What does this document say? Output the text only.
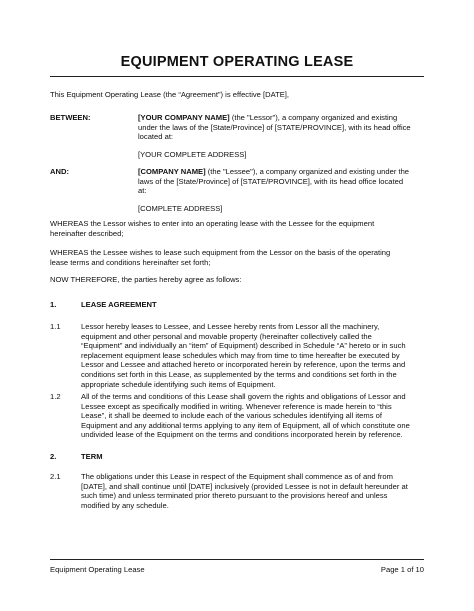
EQUIPMENT OPERATING LEASE
This Equipment Operating Lease (the “Agreement”) is effective [DATE],
BETWEEN:	[YOUR COMPANY NAME] (the "Lessor"), a company organized and existing
under the laws of the [State/Province] of [STATE/PROVINCE], with its head office
located at:
[YOUR COMPLETE ADDRESS]
AND:	[COMPANY NAME] (the "Lessee"), a company organized and existing under the
laws of the [State/Province] of [STATE/PROVINCE], with its head office located
at:
[COMPLETE ADDRESS]
WHEREAS the Lessor wishes to enter into an operating lease with the Lessee for the equipment
hereinafter described;
WHEREAS the Lessee wishes to lease such equipment from the Lessor on the basis of the operating
lease terms and conditions hereinafter set forth;
NOW THEREFORE, the parties hereby agree as follows:
1.	LEASE AGREEMENT
1.1	Lessor hereby leases to Lessee, and Lessee hereby rents from Lessor all the machinery,
equipment and other personal and movable property (hereinafter collectively called the
“Equipment” and individually an “item” of Equipment) described in Schedule “A” hereto or in such
replacement equipment lease schedules which may from time to time hereafter be executed by
Lessor and Lessee and attached hereto or incorporated herein by reference, upon the terms and
conditions set forth in this Lease, as supplemented by the terms and conditions set forth in the
appropriate schedule identifying such items of Equipment.
1.2	All of the terms and conditions of this Lease shall govern the rights and obligations of Lessor and
Lessee except as specifically modified in writing. Whenever reference is made herein to “this
Lease”, it shall be deemed to include each of the various schedules identifying all items of
Equipment and any additional terms applying to any item of Equipment, all of which constitute one
undivided lease of the Equipment on the terms and conditions incorporated herein by reference.
2.	TERM
2.1	The obligations under this Lease in respect of the Equipment shall commence as of and from
[DATE], and shall continue until [DATE] inclusively (provided Lessee is not in default hereunder at
such time) and unless terminated prior thereto pursuant to the provisions hereof and unless
modified by any schedule.
Equipment Operating Lease	Page 1 of 10
